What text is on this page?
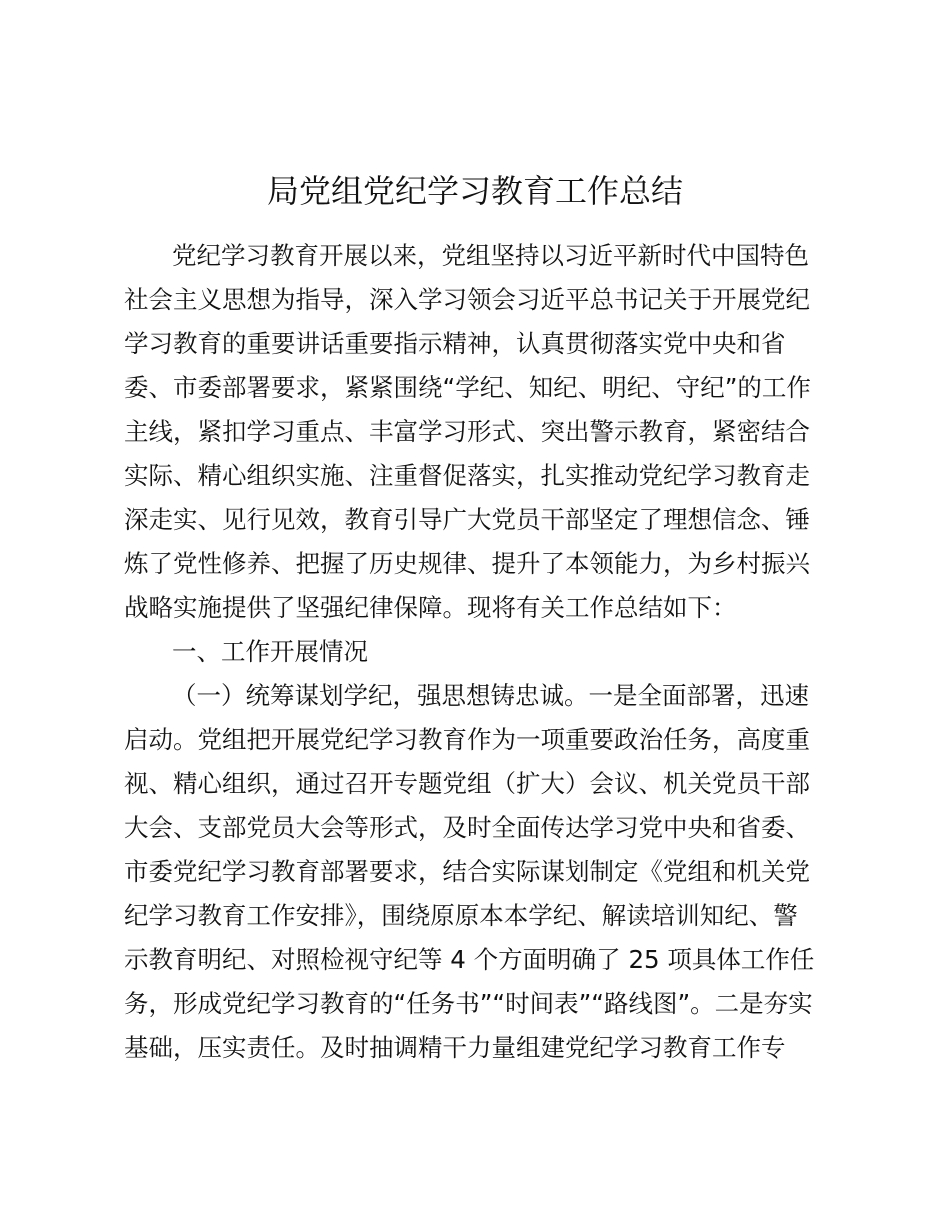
局党组党纪学习教育工作总结
党纪学习教育开展以来，党组坚持以习近平新时代中国特色
社会主义思想为指导，深入学习领会习近平总书记关于开展党纪
学习教育的重要讲话重要指示精神，认真贯彻落实党中央和省
委、市委部署要求，紧紧围绕“学纪、知纪、明纪、守纪”的工作
主线，紧扣学习重点、丰富学习形式、突出警示教育，紧密结合
实际、精心组织实施、注重督促落实，扎实推动党纪学习教育走
深走实、见行见效，教育引导广大党员干部坚定了理想信念、锤
炼了党性修养、把握了历史规律、提升了本领能力，为乡村振兴
战略实施提供了坚强纪律保障。现将有关工作总结如下：
一、工作开展情况
（一）统筹谋划学纪，强思想铸忠诚。一是全面部署，迅速
启动。党组把开展党纪学习教育作为一项重要政治任务，高度重
视、精心组织，通过召开专题党组（扩大）会议、机关党员干部
大会、支部党员大会等形式，及时全面传达学习党中央和省委、
市委党纪学习教育部署要求，结合实际谋划制定《党组和机关党
纪学习教育工作安排》，围绕原原本本学纪、解读培训知纪、警
示教育明纪、对照检视守纪等 4 个方面明确了 25 项具体工作任
务，形成党纪学习教育的“任务书”“时间表”“路线图”。二是夯实
基础，压实责任。及时抽调精干力量组建党纪学习教育工作专
